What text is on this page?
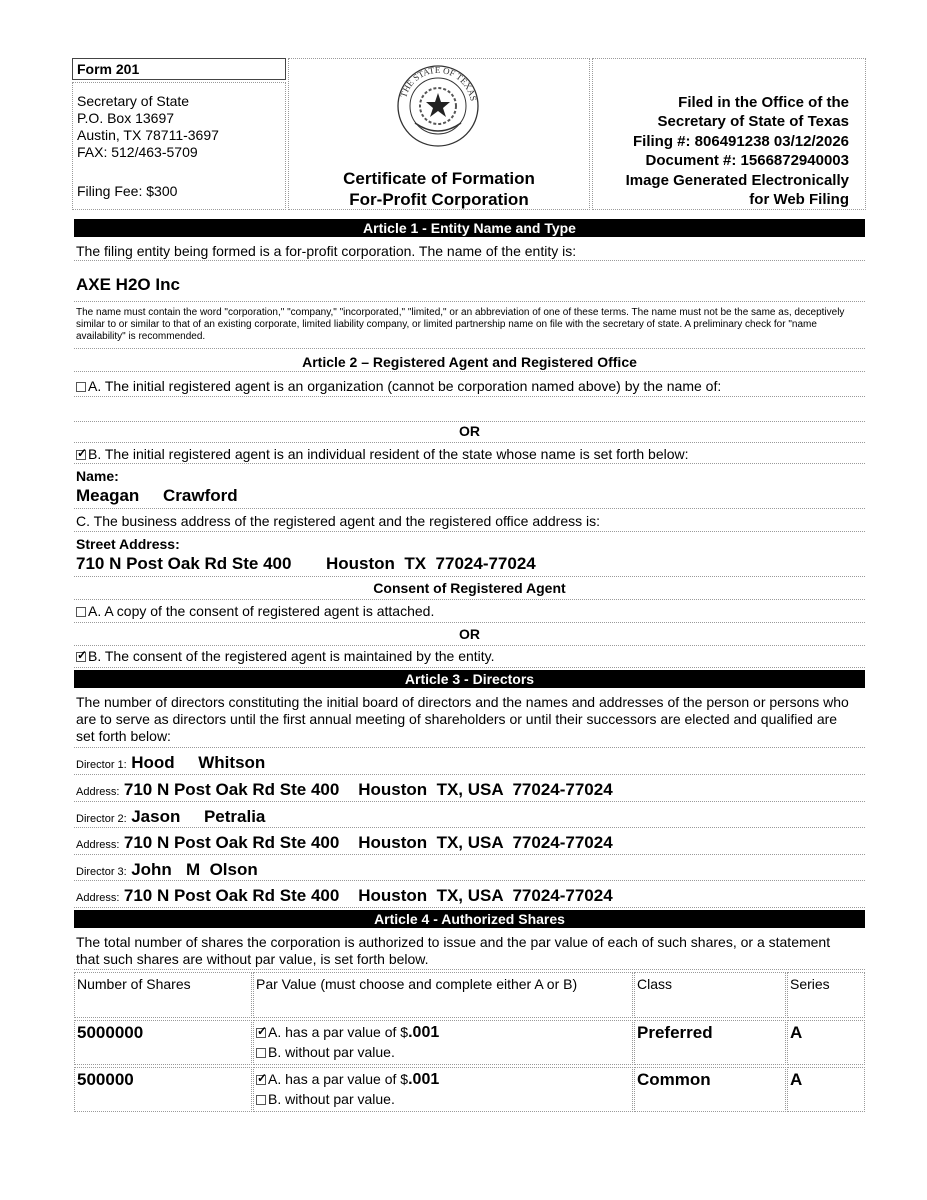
Form 201
Secretary of State
P.O. Box 13697
Austin, TX 78711-3697
FAX: 512/463-5709
Filing Fee: $300
THE STATE OF TEXAS
Certificate of Formation
For-Profit Corporation
Filed in the Office of the
Secretary of State of Texas
Filing #: 806491238 03/12/2026
Document #: 1566872940003
Image Generated Electronically
for Web Filing
Article 1 - Entity Name and Type
The filing entity being formed is a for-profit corporation. The name of the entity is:
AXE H2O Inc
The name must contain the word "corporation," "company," "incorporated," "limited," or an abbreviation of one of these terms. The name must not be the same as, deceptively similar to or similar to that of an existing corporate, limited liability company, or limited partnership name on file with the secretary of state. A preliminary check for "name availability" is recommended.
Article 2 – Registered Agent and Registered Office
A. The initial registered agent is an organization (cannot be corporation named above) by the name of:
OR
✓B. The initial registered agent is an individual resident of the state whose name is set forth below:
Name:
Meagan Crawford
C. The business address of the registered agent and the registered office address is:
Street Address:
710 N Post Oak Rd Ste 400 Houston  TX  77024-77024
Consent of Registered Agent
A. A copy of the consent of registered agent is attached.
OR
✓B. The consent of the registered agent is maintained by the entity.
Article 3 - Directors
The number of directors constituting the initial board of directors and the names and addresses of the person or persons who are to serve as directors until the first annual meeting of shareholders or until their successors are elected and qualified are set forth below:
Director 1: Hood     Whitson
Address: 710 N Post Oak Rd Ste 400    Houston  TX, USA  77024-77024
Director 2: Jason     Petralia
Address: 710 N Post Oak Rd Ste 400    Houston  TX, USA  77024-77024
Director 3: John   M  Olson
Address: 710 N Post Oak Rd Ste 400    Houston  TX, USA  77024-77024
Article 4 - Authorized Shares
The total number of shares the corporation is authorized to issue and the par value of each of such shares, or a statement that such shares are without par value, is set forth below.
Number of Shares	Par Value (must choose and complete either A or B)	Class	Series
5000000 ✓	A. has a par value of $.001
B. without par value.
Preferred	A
500000 ✓	A. has a par value of $.001
B. without par value.
Common	A
